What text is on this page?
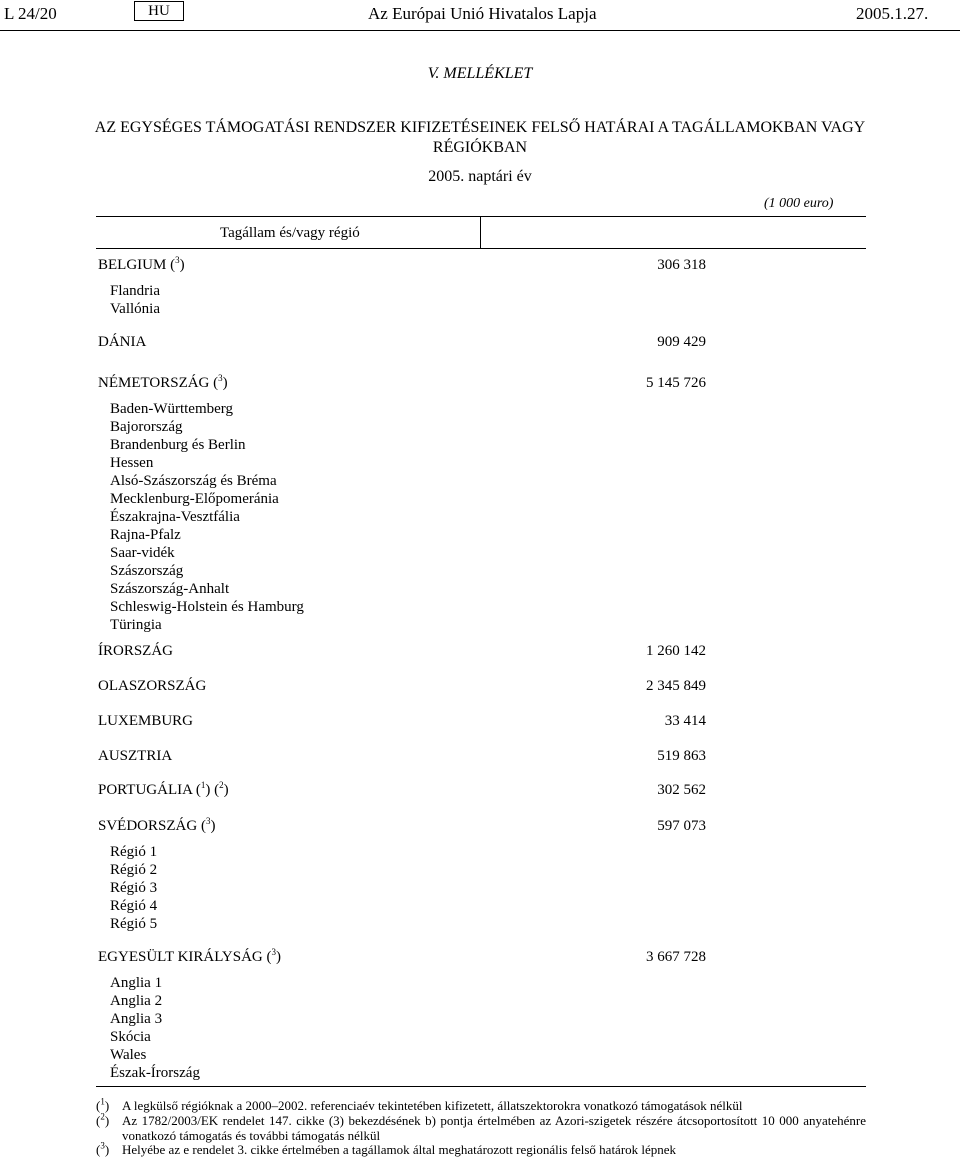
L 24/20	HU	Az Európai Unió Hivatalos Lapja	2005.1.27.
V. MELLÉKLET
AZ EGYSÉGES TÁMOGATÁSI RENDSZER KIFIZETÉSEINEK FELSŐ HATÁRAI A TAGÁLLAMOKBAN VAGY RÉGIÓKBAN
2005. naptári év
(1 000 euro)
Tagállam és/vagy régió
BELGIUM ($^3$)	306 318
Flandria
Vallónia
DÁNIA	909 429
NÉMETORSZÁG ($^3$)	5 145 726
Baden-Württemberg
Bajorország
Brandenburg és Berlin
Hessen
Alsó-Szászország és Bréma
Mecklenburg-Előpomeránia
Északrajna-Vesztfália
Rajna-Pfalz
Saar-vidék
Szászország
Szászország-Anhalt
Schleswig-Holstein és Hamburg
Türingia
ÍRORSZÁG	1 260 142
OLASZORSZÁG	2 345 849
LUXEMBURG	33 414
AUSZTRIA	519 863
PORTUGÁLIA ($^1$) ($^2$)	302 562
SVÉDORSZÁG ($^3$)	597 073
Régió 1
Régió 2
Régió 3
Régió 4
Régió 5
EGYESÜLT KIRÁLYSÁG ($^3$)	3 667 728
Anglia 1
Anglia 2
Anglia 3
Skócia
Wales
Észak-Írország
($^1$) A legkülső régióknak a 2000–2002. referenciaév tekintetében kifizetett, állatszektorokra vonatkozó támogatások nélkül
($^2$) Az 1782/2003/EK rendelet 147. cikke (3) bekezdésének b) pontja értelmében az Azori-szigetek részére átcsoportosított 10 000 anyatehénre vonatkozó támogatás és további támogatás nélkül
($^3$) Helyébe az e rendelet 3. cikke értelmében a tagállamok által meghatározott regionális felső határok lépnek
